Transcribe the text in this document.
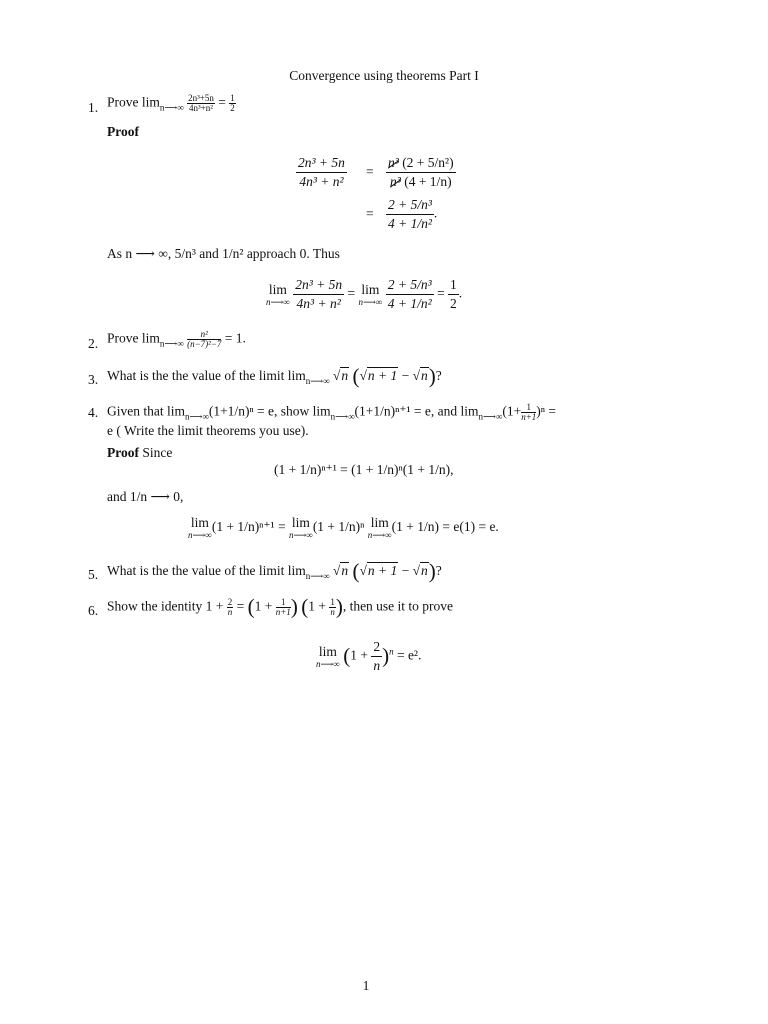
Convergence using theorems Part I
1. Prove $\lim_{n⟶\infty} \frac{\text{2n³+5n}}{\text{4n³+n²}} = \frac{1}{2}$
Proof
$\frac{\text{2n³ + 5n}}{\text{4n³ + n²}} = \frac{\text{n³ (2 + 5/n²)}}{\text{n³ (4 + 1/n)}}$
= $\frac{\text{2 + 5/n³}}{\text{4 + 1/n²}}$ .
As n ⟶ ∞, 5/n³ and 1/n² approach 0. Thus
lim
n⟶∞
$\frac{\text{2n³ + 5n}}{\text{4n³ + n²}} = \lim$
n⟶∞
$\frac{\text{2 + 5/n³}}{\text{4 + 1/n²}} = \frac{1}{2}$ .
2. Prove $\lim_{n⟶\infty} \frac{\text{n²}}{\text{(n−7)²−7}} = 1$.
3. What is the the value of the limit $\lim_{n⟶\infty} √n$ (√n + 1 − √n)?
4. Given that $\lim_{n⟶\infty}(1+1/n)^n = e$, show $\lim_{n⟶\infty}(1+1/n)^{n+1} = e$, and $\lim_{n⟶\infty}(1+ \frac{1}{n+1} )^n$ =
e ( Write the limit theorems you use).
Proof Since
(1 + 1/n)ⁿ⁺¹ = (1 + 1/n)ⁿ(1 + 1/n),
and 1/n ⟶ 0,
lim
n⟶∞
(1 + 1/n)ⁿ⁺¹ = lim
n⟶∞
(1 + 1/n)ⁿ lim
n⟶∞
(1 + 1/n) = e(1) = e.
5. What is the the value of the limit $\lim_{n⟶\infty} √n$ (√n + 1 − √n)?
6. Show the identity $1 + \frac{2}{n} = (1 + \frac{1}{n+1}$ ) ($1 + \frac{1}{n}$ ), then use it to prove
lim
n⟶∞ $(1 + \frac{2}{n} )^n = e^2$.
1
